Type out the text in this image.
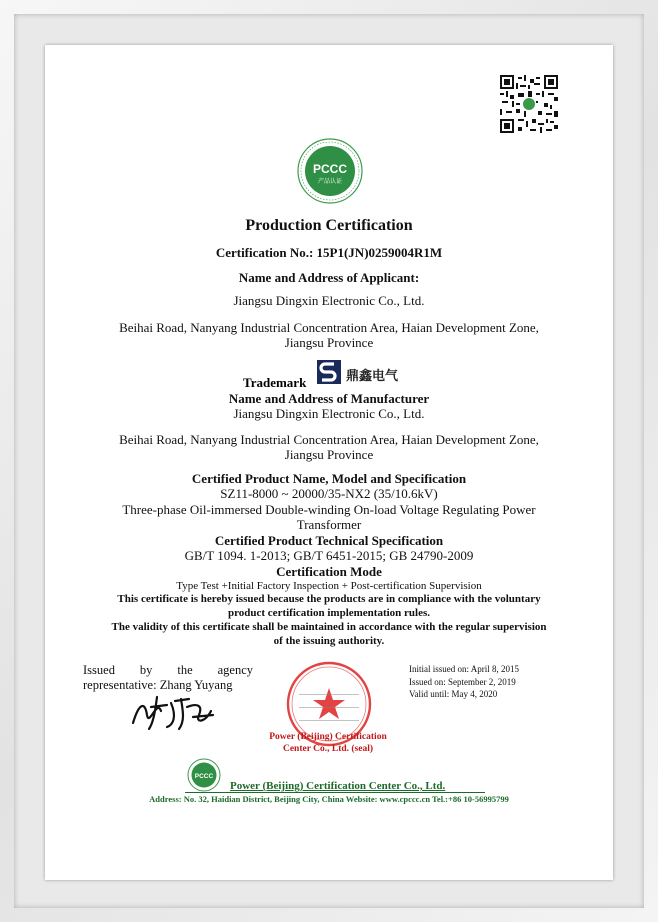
PCCC
产品认证
Production Certification
Certification No.: 15P1(JN)0259004R1M
Name and Address of Applicant:
Jiangsu Dingxin Electronic Co., Ltd.
Beihai Road, Nanyang Industrial Concentration Area, Haian Development Zone,
Jiangsu Province
Trademark	鼎鑫电气
Name and Address of Manufacturer
Jiangsu Dingxin Electronic Co., Ltd.
Beihai Road, Nanyang Industrial Concentration Area, Haian Development Zone,
Jiangsu Province
Certified Product Name, Model and Specification
SZ11-8000 ~ 20000/35-NX2 (35/10.6kV)
Three-phase Oil-immersed Double-winding On-load Voltage Regulating Power
Transformer
Certified Product Technical Specification
GB/T 1094. 1-2013; GB/T 6451-2015; GB 24790-2009
Certification Mode
Type Test +Initial Factory Inspection + Post-certification Supervision
This certificate is hereby issued because the products are in compliance with the voluntary
product certification implementation rules.
The validity of this certificate shall be maintained in accordance with the regular supervision
of the issuing authority.
Issued by the agency
representative: Zhang Yuyang
Power (Beijing) Certification
Center Co., Ltd. (seal)
Initial issued on: April 8, 2015
Issued on: September 2, 2019
Valid until: May 4, 2020
PCCC
Power (Beijing) Certification Center Co., Ltd.
Address: No. 32, Haidian District, Beijing City, China Website: www.cpccc.cn Tel.:+86 10-56995799
